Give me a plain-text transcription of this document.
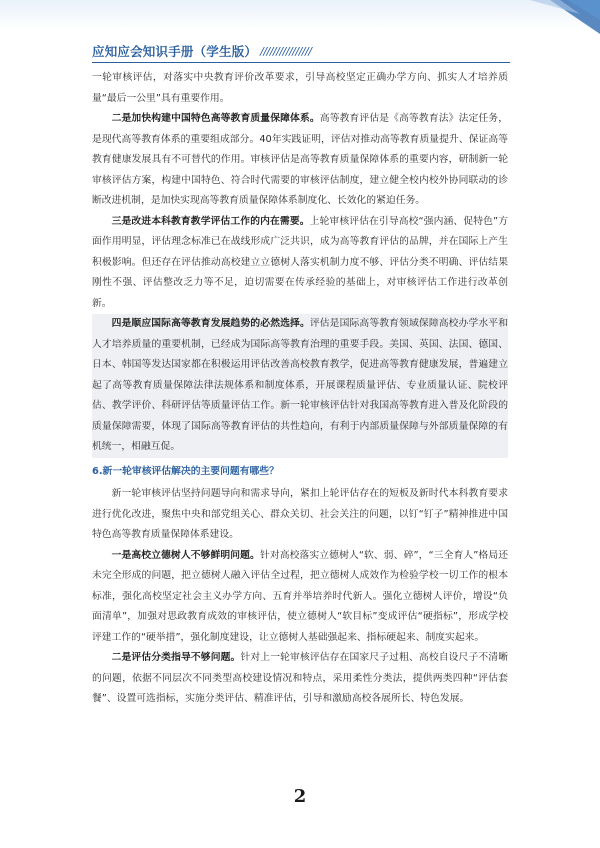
应知应会知识手册（学生版） ////////////////

一轮审核评估，对落实中央教育评价改革要求，引导高校坚定正确办学方向、抓实人才培养质量“最后一公里”具有重要作用。

二是加快构建中国特色高等教育质量保障体系。高等教育评估是《高等教育法》法定任务，是现代高等教育体系的重要组成部分。40年实践证明，评估对推动高等教育质量提升、保证高等教育健康发展具有不可替代的作用。审核评估是高等教育质量保障体系的重要内容，研制新一轮审核评估方案，构建中国特色、符合时代需要的审核评估制度，建立健全校内校外协同联动的诊断改进机制，是加快实现高等教育质量保障体系制度化、长效化的紧迫任务。

三是改进本科教育教学评估工作的内在需要。上轮审核评估在引导高校“强内涵、促特色”方面作用明显，评估理念标准已在战线形成广泛共识，成为高等教育评估的品牌，并在国际上产生积极影响。但还存在评估推动高校建立立德树人落实机制力度不够、评估分类不明确、评估结果刚性不强、评估整改乏力等不足，迫切需要在传承经验的基础上，对审核评估工作进行改革创新。

四是顺应国际高等教育发展趋势的必然选择。评估是国际高等教育领域保障高校办学水平和人才培养质量的重要机制，已经成为国际高等教育治理的重要手段。美国、英国、法国、德国、日本、韩国等发达国家都在积极运用评估改善高校教育教学，促进高等教育健康发展，普遍建立起了高等教育质量保障法律法规体系和制度体系，开展课程质量评估、专业质量认证、院校评估、教学评价、科研评估等质量评估工作。新一轮审核评估针对我国高等教育进入普及化阶段的质量保障需要，体现了国际高等教育评估的共性趋向，有利于内部质量保障与外部质量保障的有机统一，相融互促。

6.新一轮审核评估解决的主要问题有哪些？

新一轮审核评估坚持问题导向和需求导向，紧扣上轮评估存在的短板及新时代本科教育要求进行优化改进，聚焦中央和部党组关心、群众关切、社会关注的问题，以钉“钉子”精神推进中国特色高等教育质量保障体系建设。

一是高校立德树人不够鲜明问题。针对高校落实立德树人“软、弱、碎”，“三全育人”格局还未完全形成的问题，把立德树人融入评估全过程，把立德树人成效作为检验学校一切工作的根本标准，强化高校坚定社会主义办学方向、五育并举培养时代新人。强化立德树人评价，增设“负面清单”，加强对思政教育成效的审核评估，使立德树人“软目标”变成评估“硬指标”，形成学校评建工作的“硬举措”，强化制度建设，让立德树人基础强起来、指标硬起来、制度实起来。

二是评估分类指导不够问题。针对上一轮审核评估存在国家尺子过粗、高校自设尺子不清晰的问题，依据不同层次不同类型高校建设情况和特点，采用柔性分类法，提供两类四种“评估套餐”、设置可选指标，实施分类评估、精准评估，引导和激励高校各展所长、特色发展。

2
